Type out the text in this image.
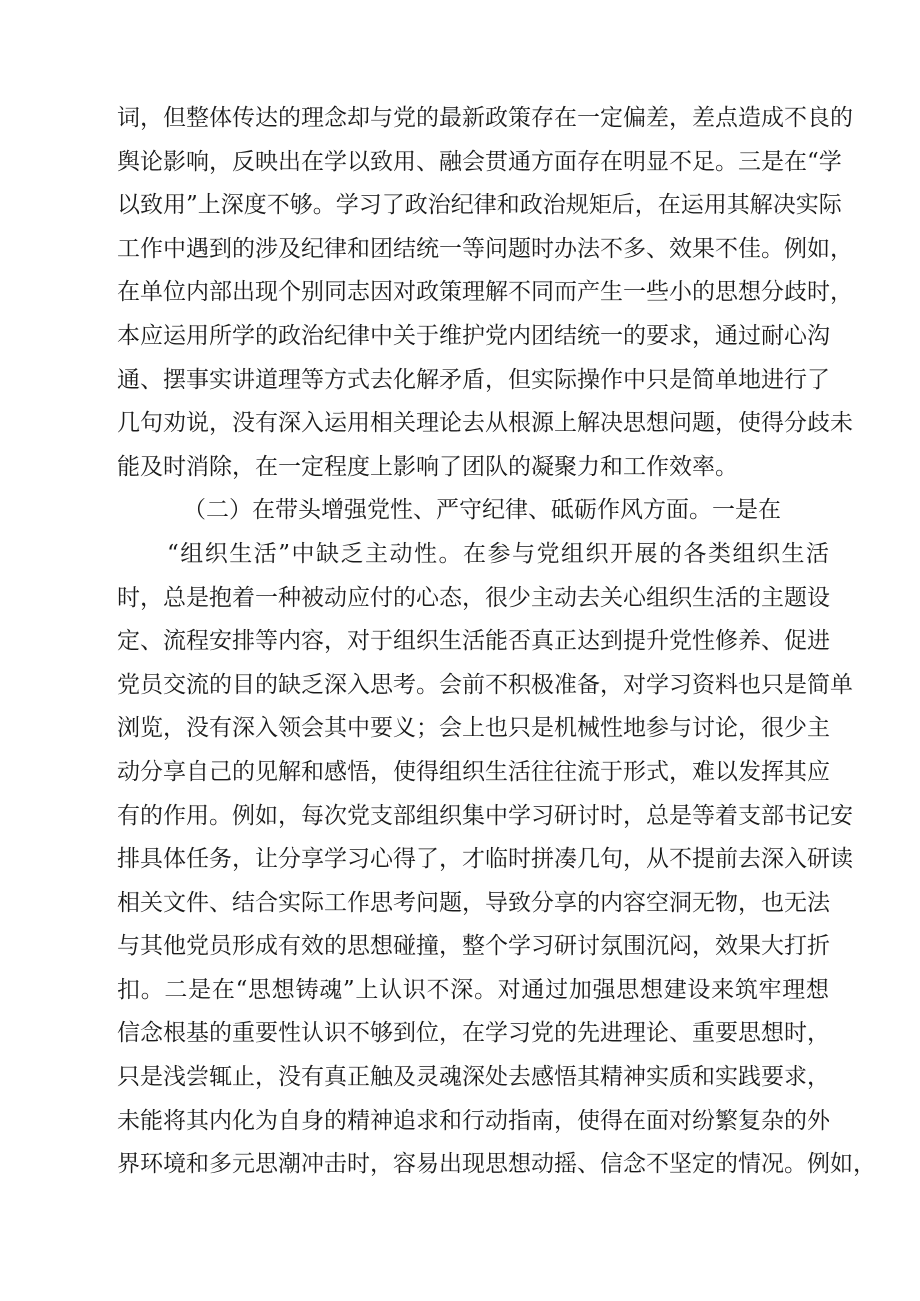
词，但整体传达的理念却与党的最新政策存在一定偏差，差点造成不良的
舆论影响，反映出在学以致用、融会贯通方面存在明显不足。三是在“学
以致用”上深度不够。学习了政治纪律和政治规矩后，在运用其解决实际
工作中遇到的涉及纪律和团结统一等问题时办法不多、效果不佳。例如，
在单位内部出现个别同志因对政策理解不同而产生一些小的思想分歧时，
本应运用所学的政治纪律中关于维护党内团结统一的要求，通过耐心沟
通、摆事实讲道理等方式去化解矛盾，但实际操作中只是简单地进行了
几句劝说，没有深入运用相关理论去从根源上解决思想问题，使得分歧未
能及时消除，在一定程度上影响了团队的凝聚力和工作效率。
（二）在带头增强党性、严守纪律、砥砺作风方面。一是在
“组织生活”中缺乏主动性。在参与党组织开展的各类组织生活
时，总是抱着一种被动应付的心态，很少主动去关心组织生活的主题设
定、流程安排等内容，对于组织生活能否真正达到提升党性修养、促进
党员交流的目的缺乏深入思考。会前不积极准备，对学习资料也只是简单
浏览，没有深入领会其中要义；会上也只是机械性地参与讨论，很少主
动分享自己的见解和感悟，使得组织生活往往流于形式，难以发挥其应
有的作用。例如，每次党支部组织集中学习研讨时，总是等着支部书记安
排具体任务，让分享学习心得了，才临时拼凑几句，从不提前去深入研读
相关文件、结合实际工作思考问题，导致分享的内容空洞无物，也无法
与其他党员形成有效的思想碰撞，整个学习研讨氛围沉闷，效果大打折
扣。二是在“思想铸魂”上认识不深。对通过加强思想建设来筑牢理想
信念根基的重要性认识不够到位，在学习党的先进理论、重要思想时，
只是浅尝辄止，没有真正触及灵魂深处去感悟其精神实质和实践要求，
未能将其内化为自身的精神追求和行动指南，使得在面对纷繁复杂的外
界环境和多元思潮冲击时，容易出现思想动摇、信念不坚定的情况。例如，
